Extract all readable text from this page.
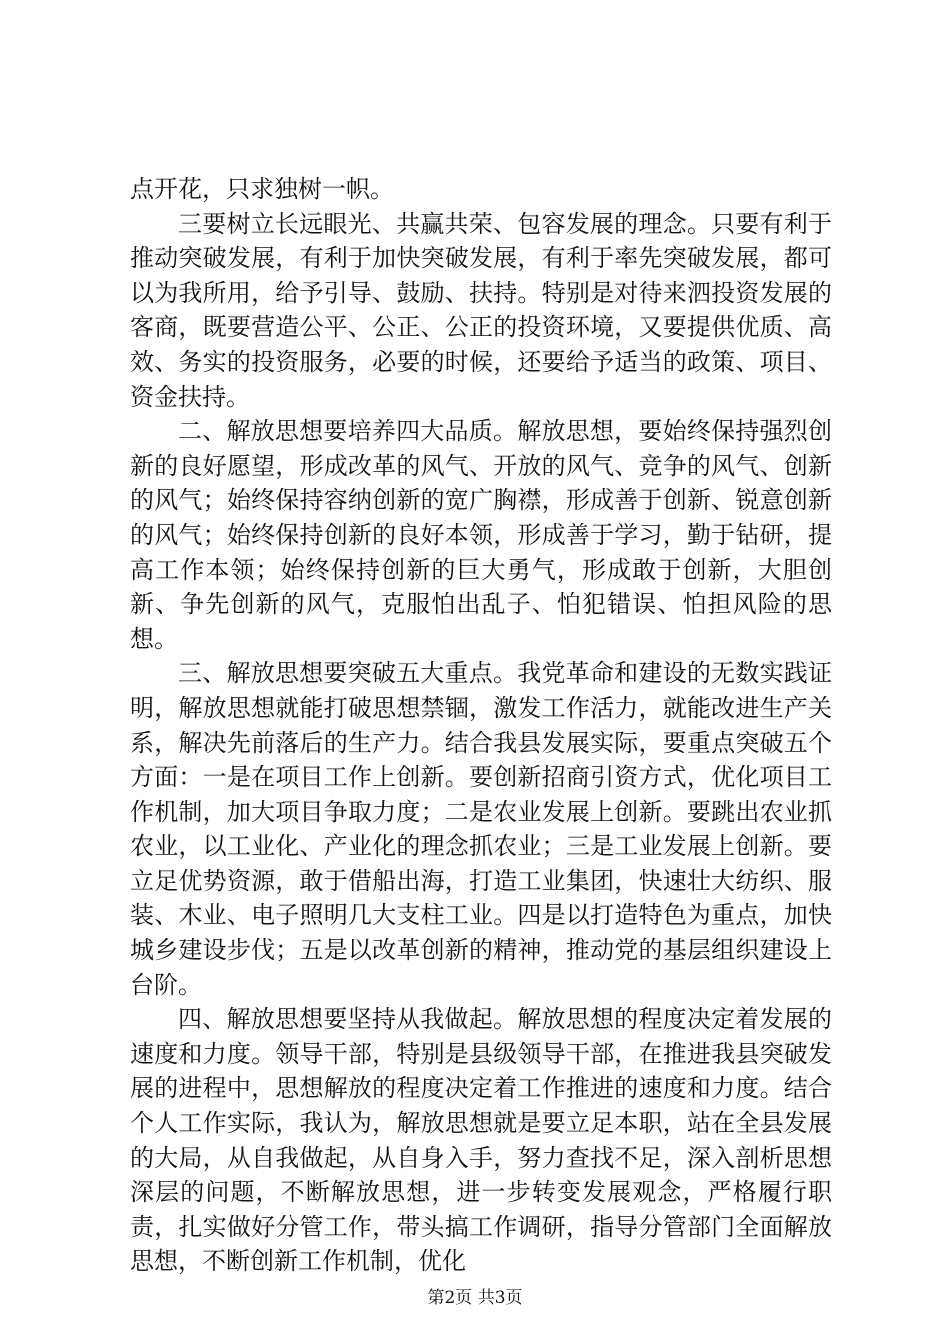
点开花，只求独树一帜。

三要树立长远眼光、共赢共荣、包容发展的理念。只要有利于推动突破发展，有利于加快突破发展，有利于率先突破发展，都可以为我所用，给予引导、鼓励、扶持。特别是对待来泗投资发展的客商，既要营造公平、公正、公正的投资环境，又要提供优质、高效、务实的投资服务，必要的时候，还要给予适当的政策、项目、资金扶持。

二、解放思想要培养四大品质。解放思想，要始终保持强烈创新的良好愿望，形成改革的风气、开放的风气、竞争的风气、创新的风气；始终保持容纳创新的宽广胸襟，形成善于创新、锐意创新的风气；始终保持创新的良好本领，形成善于学习，勤于钻研，提高工作本领；始终保持创新的巨大勇气，形成敢于创新，大胆创新、争先创新的风气，克服怕出乱子、怕犯错误、怕担风险的思想。

三、解放思想要突破五大重点。我党革命和建设的无数实践证明，解放思想就能打破思想禁锢，激发工作活力，就能改进生产关系，解决先前落后的生产力。结合我县发展实际，要重点突破五个方面：一是在项目工作上创新。要创新招商引资方式，优化项目工作机制，加大项目争取力度；二是农业发展上创新。要跳出农业抓农业，以工业化、产业化的理念抓农业；三是工业发展上创新。要立足优势资源，敢于借船出海，打造工业集团，快速壮大纺织、服装、木业、电子照明几大支柱工业。四是以打造特色为重点，加快城乡建设步伐；五是以改革创新的精神，推动党的基层组织建设上台阶。

四、解放思想要坚持从我做起。解放思想的程度决定着发展的速度和力度。领导干部，特别是县级领导干部，在推进我县突破发展的进程中，思想解放的程度决定着工作推进的速度和力度。结合个人工作实际，我认为，解放思想就是要立足本职，站在全县发展的大局，从自我做起，从自身入手，努力查找不足，深入剖析思想深层的问题，不断解放思想，进一步转变发展观念，严格履行职责，扎实做好分管工作，带头搞工作调研，指导分管部门全面解放思想，不断创新工作机制，优化

第2页 共3页
